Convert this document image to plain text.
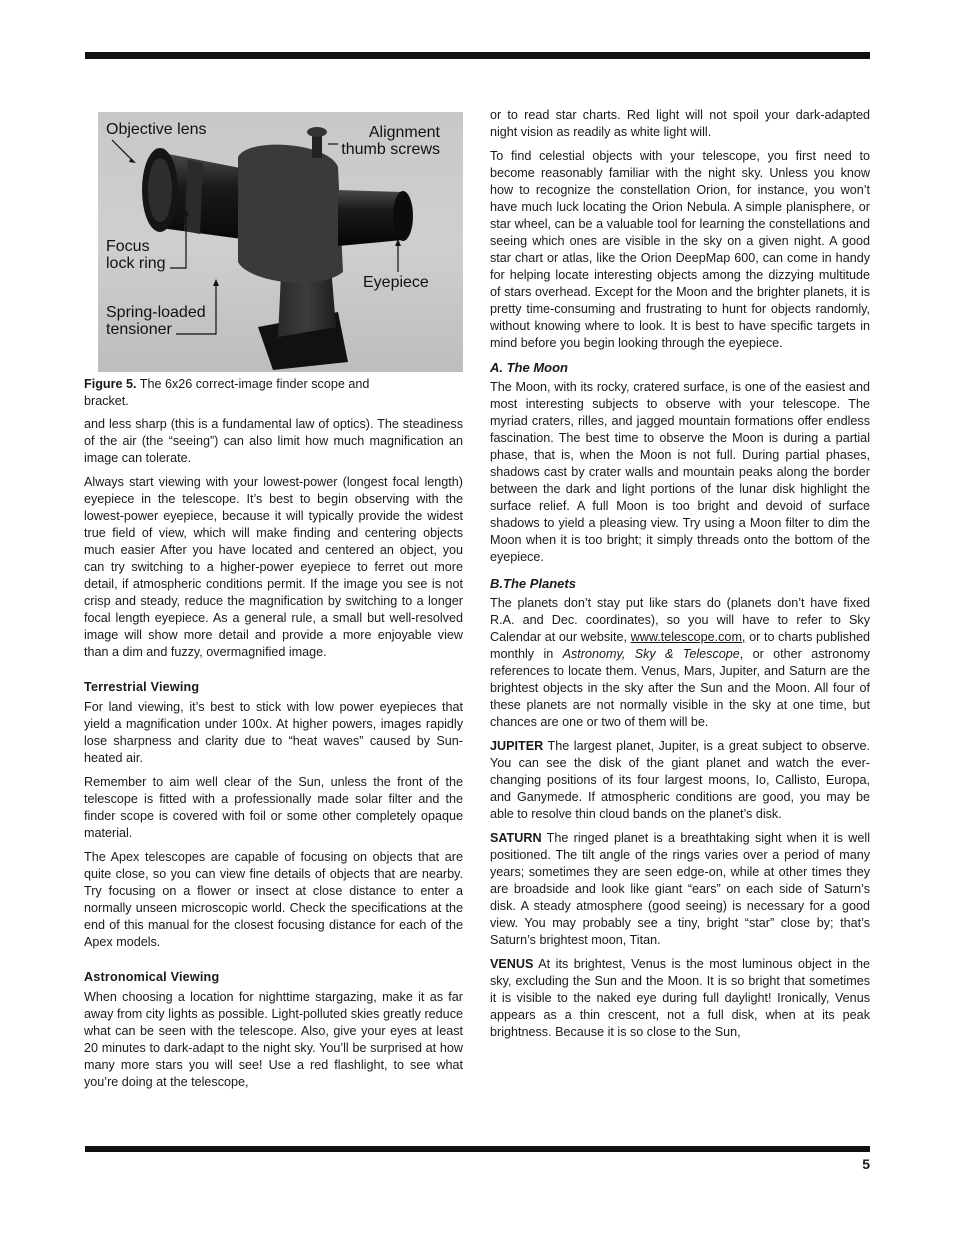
Objective lens	Alignment
thumb screws
Focus
lock ring
Eyepiece
Spring-loaded
tensioner
Figure 5. The 6x26 correct-image finder scope and bracket.

and less sharp (this is a fundamental law of optics). The steadiness of the air (the “seeing”) can also limit how much magnification an image can tolerate.

Always start viewing with your lowest-power (longest focal length) eyepiece in the telescope. It’s best to begin observing with the lowest-power eyepiece, because it will typically provide the widest true field of view, which will make finding and centering objects much easier After you have located and centered an object, you can try switching to a higher-power eyepiece to ferret out more detail, if atmospheric conditions permit. If the image you see is not crisp and steady, reduce the magnification by switching to a longer focal length eyepiece. As a general rule, a small but well-resolved image will show more detail and provide a more enjoyable view than a dim and fuzzy, overmagnified image.

Terrestrial Viewing

For land viewing, it’s best to stick with low power eyepieces that yield a magnification under 100x. At higher powers, images rapidly lose sharpness and clarity due to “heat waves” caused by Sun-heated air.

Remember to aim well clear of the Sun, unless the front of the telescope is fitted with a professionally made solar filter and the finder scope is covered with foil or some other completely opaque material.

The Apex telescopes are capable of focusing on objects that are quite close, so you can view fine details of objects that are nearby. Try focusing on a flower or insect at close distance to enter a normally unseen microscopic world. Check the specifications at the end of this manual for the closest focusing distance for each of the Apex models.

Astronomical Viewing

When choosing a location for nighttime stargazing, make it as far away from city lights as possible. Light-polluted skies greatly reduce what can be seen with the telescope. Also, give your eyes at least 20 minutes to dark-adapt to the night sky. You’ll be surprised at how many more stars you will see! Use a red flashlight, to see what you’re doing at the telescope,

or to read star charts. Red light will not spoil your dark-adapted night vision as readily as white light will.

To find celestial objects with your telescope, you first need to become reasonably familiar with the night sky. Unless you know how to recognize the constellation Orion, for instance, you won’t have much luck locating the Orion Nebula. A simple planisphere, or star wheel, can be a valuable tool for learning the constellations and seeing which ones are visible in the sky on a given night. A good star chart or atlas, like the Orion DeepMap 600, can come in handy for helping locate interesting objects among the dizzying multitude of stars overhead. Except for the Moon and the brighter planets, it is pretty time-consuming and frustrating to hunt for objects randomly, without knowing where to look. It is best to have specific targets in mind before you begin looking through the eyepiece.

A. The Moon

The Moon, with its rocky, cratered surface, is one of the easiest and most interesting subjects to observe with your telescope. The myriad craters, rilles, and jagged mountain formations offer endless fascination. The best time to observe the Moon is during a partial phase, that is, when the Moon is not full. During partial phases, shadows cast by crater walls and mountain peaks along the border between the dark and light portions of the lunar disk highlight the surface relief. A full Moon is too bright and devoid of surface shadows to yield a pleasing view. Try using a Moon filter to dim the Moon when it is too bright; it simply threads onto the bottom of the eyepiece.

B.The Planets

The planets don’t stay put like stars do (planets don’t have fixed R.A. and Dec. coordinates), so you will have to refer to Sky Calendar at our website, www.telescope.com, or to charts published monthly in Astronomy, Sky & Telescope, or other astronomy references to locate them. Venus, Mars, Jupiter, and Saturn are the brightest objects in the sky after the Sun and the Moon. All four of these planets are not normally visible in the sky at one time, but chances are one or two of them will be.

JUPITER The largest planet, Jupiter, is a great subject to observe. You can see the disk of the giant planet and watch the ever-changing positions of its four largest moons, Io, Callisto, Europa, and Ganymede. If atmospheric conditions are good, you may be able to resolve thin cloud bands on the planet’s disk.

SATURN The ringed planet is a breathtaking sight when it is well positioned. The tilt angle of the rings varies over a period of many years; sometimes they are seen edge-on, while at other times they are broadside and look like giant “ears” on each side of Saturn’s disk. A steady atmosphere (good seeing) is necessary for a good view. You may probably see a tiny, bright “star” close by; that’s Saturn’s brightest moon, Titan.

VENUS At its brightest, Venus is the most luminous object in the sky, excluding the Sun and the Moon. It is so bright that sometimes it is visible to the naked eye during full daylight! Ironically, Venus appears as a thin crescent, not a full disk, when at its peak brightness. Because it is so close to the Sun,

5
